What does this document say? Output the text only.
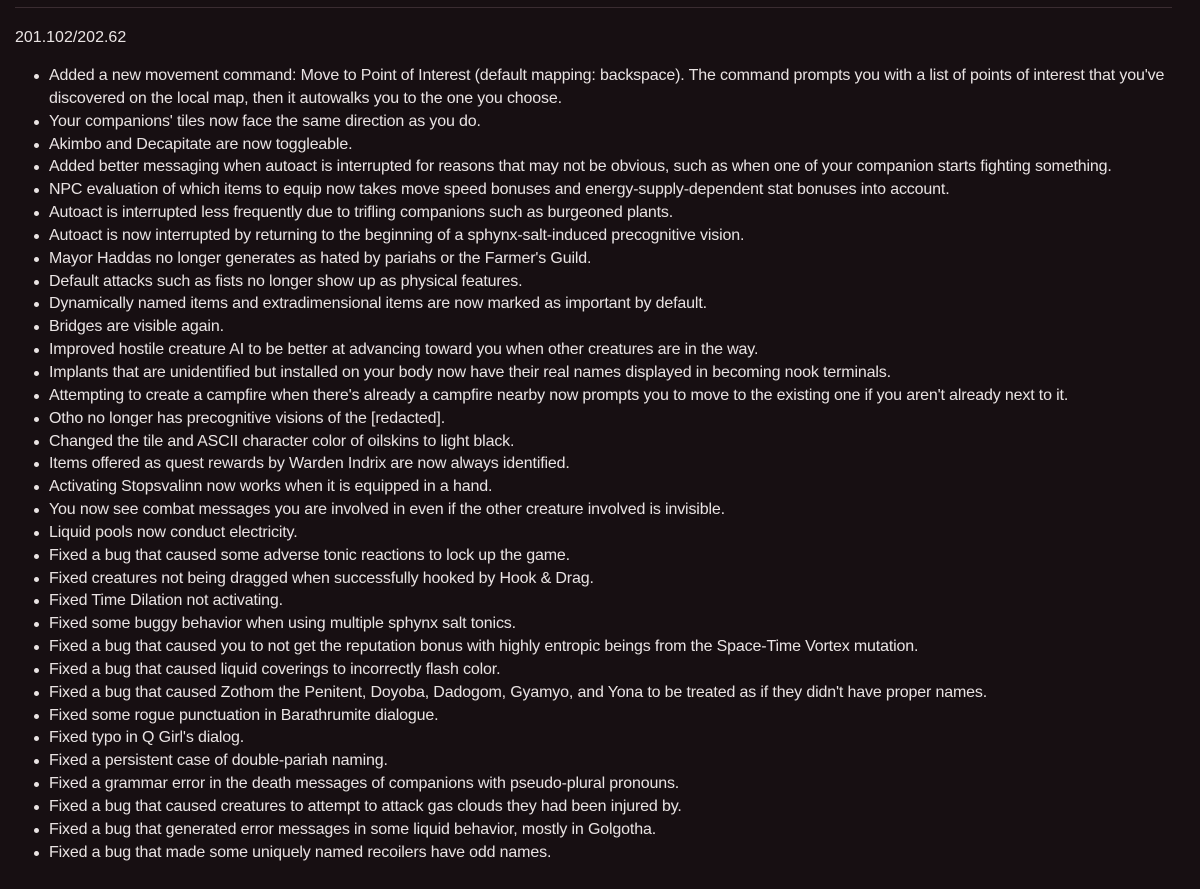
201.102/202.62
Added a new movement command: Move to Point of Interest (default mapping: backspace). The command prompts you with a list of points of interest that you've discovered on the local map, then it autowalks you to the one you choose.
Your companions' tiles now face the same direction as you do.
Akimbo and Decapitate are now toggleable.
Added better messaging when autoact is interrupted for reasons that may not be obvious, such as when one of your companion starts fighting something.
NPC evaluation of which items to equip now takes move speed bonuses and energy-supply-dependent stat bonuses into account.
Autoact is interrupted less frequently due to trifling companions such as burgeoned plants.
Autoact is now interrupted by returning to the beginning of a sphynx-salt-induced precognitive vision.
Mayor Haddas no longer generates as hated by pariahs or the Farmer's Guild.
Default attacks such as fists no longer show up as physical features.
Dynamically named items and extradimensional items are now marked as important by default.
Bridges are visible again.
Improved hostile creature AI to be better at advancing toward you when other creatures are in the way.
Implants that are unidentified but installed on your body now have their real names displayed in becoming nook terminals.
Attempting to create a campfire when there's already a campfire nearby now prompts you to move to the existing one if you aren't already next to it.
Otho no longer has precognitive visions of the [redacted].
Changed the tile and ASCII character color of oilskins to light black.
Items offered as quest rewards by Warden Indrix are now always identified.
Activating Stopsvalinn now works when it is equipped in a hand.
You now see combat messages you are involved in even if the other creature involved is invisible.
Liquid pools now conduct electricity.
Fixed a bug that caused some adverse tonic reactions to lock up the game.
Fixed creatures not being dragged when successfully hooked by Hook & Drag.
Fixed Time Dilation not activating.
Fixed some buggy behavior when using multiple sphynx salt tonics.
Fixed a bug that caused you to not get the reputation bonus with highly entropic beings from the Space-Time Vortex mutation.
Fixed a bug that caused liquid coverings to incorrectly flash color.
Fixed a bug that caused Zothom the Penitent, Doyoba, Dadogom, Gyamyo, and Yona to be treated as if they didn't have proper names.
Fixed some rogue punctuation in Barathrumite dialogue.
Fixed typo in Q Girl's dialog.
Fixed a persistent case of double-pariah naming.
Fixed a grammar error in the death messages of companions with pseudo-plural pronouns.
Fixed a bug that caused creatures to attempt to attack gas clouds they had been injured by.
Fixed a bug that generated error messages in some liquid behavior, mostly in Golgotha.
Fixed a bug that made some uniquely named recoilers have odd names.
